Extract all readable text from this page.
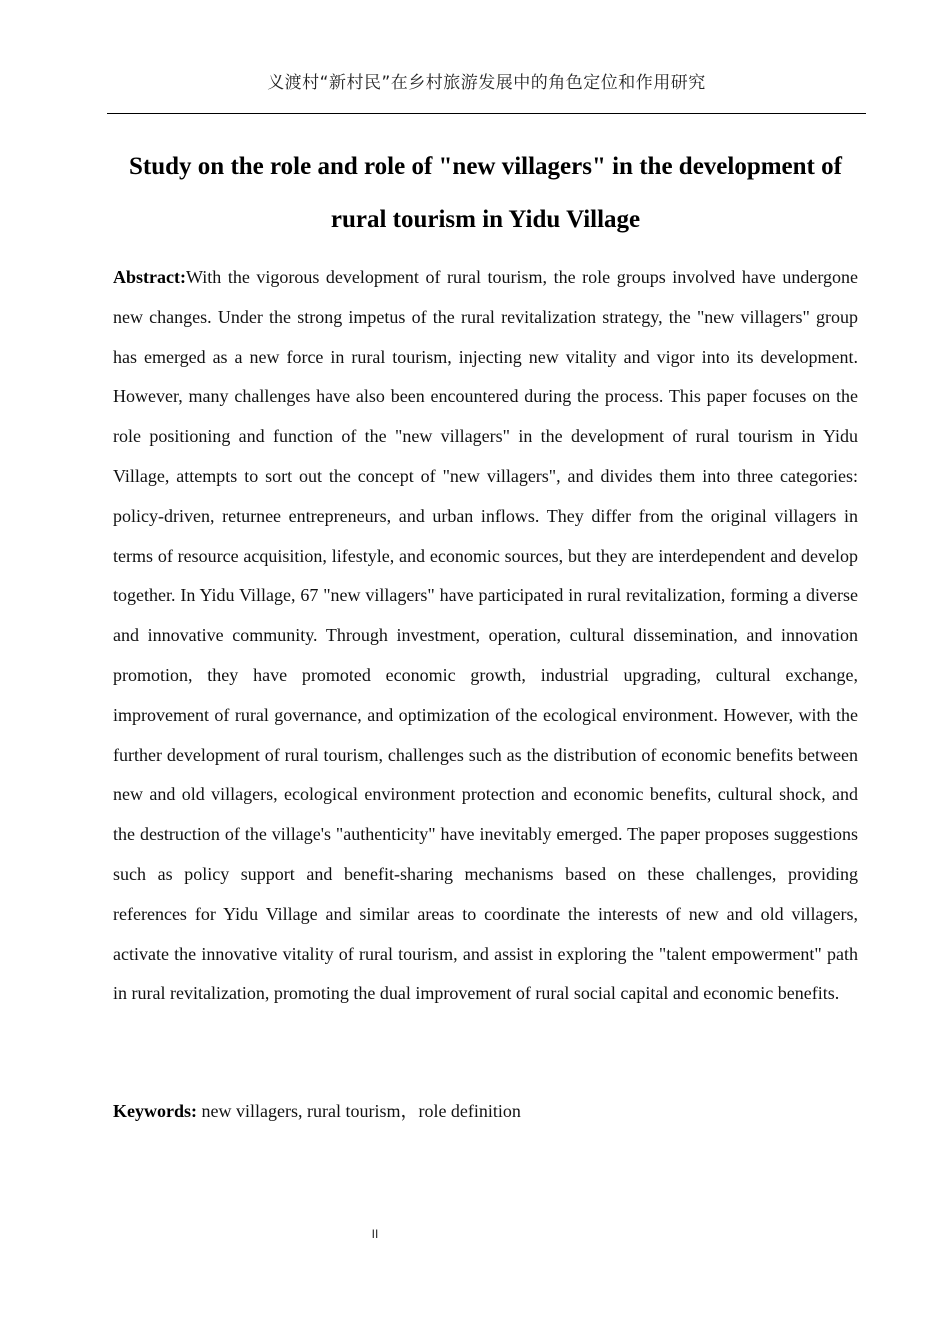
义渡村“新村民”在乡村旅游发展中的角色定位和作用研究
Study on the role and role of "new villagers" in the development of rural tourism in Yidu Village

Abstract:With the vigorous development of rural tourism, the role groups involved have undergone new changes. Under the strong impetus of the rural revitalization strategy, the "new villagers" group has emerged as a new force in rural tourism, injecting new vitality and vigor into its development. However, many challenges have also been encountered during the process. This paper focuses on the role positioning and function of the "new villagers" in the development of rural tourism in Yidu Village, attempts to sort out the concept of "new villagers", and divides them into three categories: policy-driven, returnee entrepreneurs, and urban inflows. They differ from the original villagers in terms of resource acquisition, lifestyle, and economic sources, but they are interdependent and develop together. In Yidu Village, 67 "new villagers" have participated in rural revitalization, forming a diverse and innovative community. Through investment, operation, cultural dissemination, and innovation promotion, they have promoted economic growth, industrial upgrading, cultural exchange, improvement of rural governance, and optimization of the ecological environment. However, with the further development of rural tourism, challenges such as the distribution of economic benefits between new and old villagers, ecological environment protection and economic benefits, cultural shock, and the destruction of the village's "authenticity" have inevitably emerged. The paper proposes suggestions such as policy support and benefit-sharing mechanisms based on these challenges, providing references for Yidu Village and similar areas to coordinate the interests of new and old villagers, activate the innovative vitality of rural tourism, and assist in exploring the "talent empowerment" path in rural revitalization, promoting the dual improvement of rural social capital and economic benefits.

Keywords: new villagers, rural tourism，role definition

II
